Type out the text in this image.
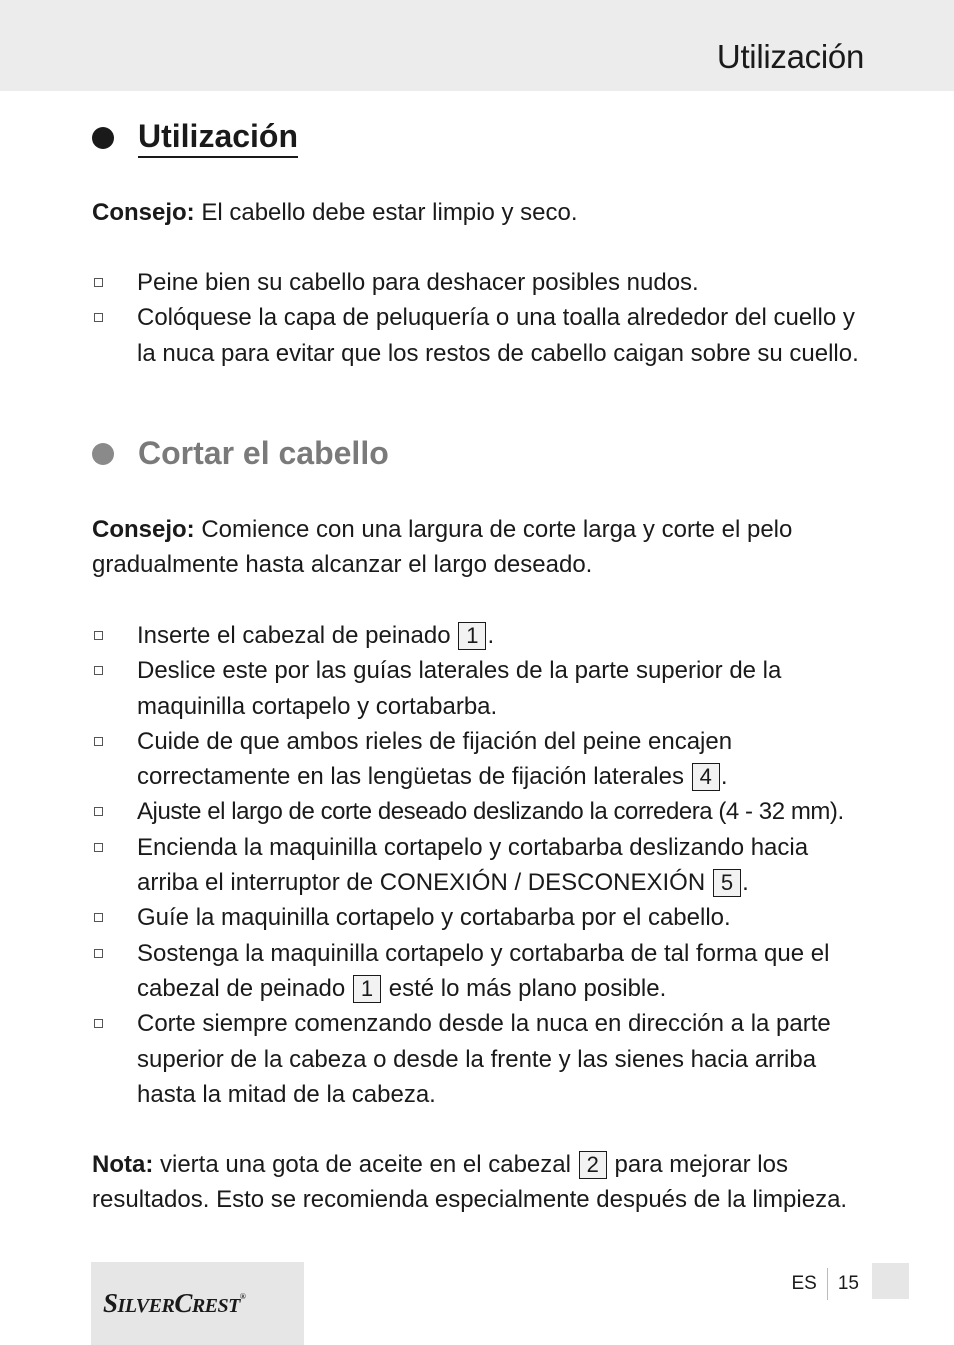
Utilización
Utilización
Consejo: El cabello debe estar limpio y seco.
Peine bien su cabello para deshacer posibles nudos.
Colóquese la capa de peluquería o una toalla alrededor del cuello y la nuca para evitar que los restos de cabello caigan sobre su cuello.
Cortar el cabello
Consejo: Comience con una largura de corte larga y corte el pelo gradualmente hasta alcanzar el largo deseado.
Inserte el cabezal de peinado 1 .
Deslice este por las guías laterales de la parte superior de la maquinilla cortapelo y cortabarba.
Cuide de que ambos rieles de fijación del peine encajen correctamente en las lengüetas de fijación laterales 4 .
Ajuste el largo de corte deseado deslizando la corredera (4 - 32 mm).
Encienda la maquinilla cortapelo y cortabarba deslizando hacia arriba el interruptor de CONEXIÓN / DESCONEXIÓN 5 .
Guíe la maquinilla cortapelo y cortabarba por el cabello.
Sostenga la maquinilla cortapelo y cortabarba de tal forma que el cabezal de peinado 1 esté lo más plano posible.
Corte siempre comenzando desde la nuca en dirección a la parte superior de la cabeza o desde la frente y las sienes hacia arriba hasta la mitad de la cabeza.
Nota: vierta una gota de aceite en el cabezal 2 para mejorar los resultados. Esto se recomienda especialmente después de la limpieza.
SILVERCREST®
ES 15
